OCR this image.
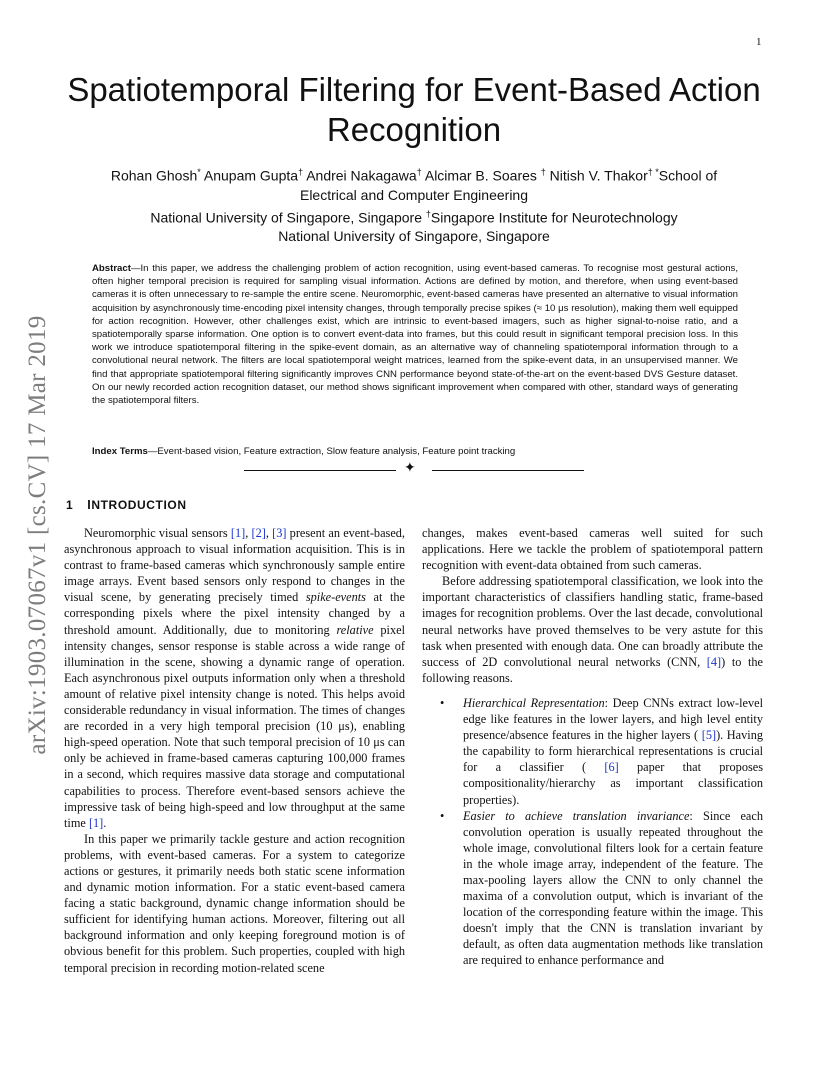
1
arXiv:1903.07067v1 [cs.CV] 17 Mar 2019
Spatiotemporal Filtering for Event-Based Action Recognition
Rohan Ghosh* Anupam Gupta† Andrei Nakagawa† Alcimar B. Soares † Nitish V. Thakor† *School of
Electrical and Computer Engineering
National University of Singapore, Singapore †Singapore Institute for Neurotechnology
National University of Singapore, Singapore
Abstract—In this paper, we address the challenging problem of action recognition, using event-based cameras. To recognise most gestural actions, often higher temporal precision is required for sampling visual information. Actions are defined by motion, and therefore, when using event-based cameras it is often unnecessary to re-sample the entire scene. Neuromorphic, event-based cameras have presented an alternative to visual information acquisition by asynchronously time-encoding pixel intensity changes, through temporally precise spikes (≈ 10 μs resolution), making them well equipped for action recognition. However, other challenges exist, which are intrinsic to event-based imagers, such as higher signal-to-noise ratio, and a spatiotemporally sparse information. One option is to convert event-data into frames, but this could result in significant temporal precision loss. In this work we introduce spatiotemporal filtering in the spike-event domain, as an alternative way of channeling spatiotemporal information through to a convolutional neural network. The filters are local spatiotemporal weight matrices, learned from the spike-event data, in an unsupervised manner. We find that appropriate spatiotemporal filtering significantly improves CNN performance beyond state-of-the-art on the event-based DVS Gesture dataset. On our newly recorded action recognition dataset, our method shows significant improvement when compared with other, standard ways of generating the spatiotemporal filters.
Index Terms—Event-based vision, Feature extraction, Slow feature analysis, Feature point tracking
✦
1 INTRODUCTION

Neuromorphic visual sensors [1], [2], [3] present an event-based, asynchronous approach to visual information acquisition. This is in contrast to frame-based cameras which synchronously sample entire image arrays. Event based sensors only respond to changes in the visual scene, by generating precisely timed spike-events at the corresponding pixels where the pixel intensity changed by a threshold amount. Additionally, due to monitoring relative pixel intensity changes, sensor response is stable across a wide range of illumination in the scene, showing a dynamic range of operation. Each asynchronous pixel outputs information only when a threshold amount of relative pixel intensity change is noted. This helps avoid considerable redundancy in visual information. The times of changes are recorded in a very high temporal precision (10 μs), enabling high-speed operation. Note that such temporal precision of 10 μs can only be achieved in frame-based cameras capturing 100,000 frames in a second, which requires massive data storage and computational capabilities to process. Therefore event-based sensors achieve the impressive task of being high-speed and low throughput at the same time [1].

In this paper we primarily tackle gesture and action recognition problems, with event-based cameras. For a system to categorize actions or gestures, it primarily needs both static scene information and dynamic motion information. For a static event-based camera facing a static background, dynamic change information should be sufficient for identifying human actions. Moreover, filtering out all background information and only keeping foreground motion is of obvious benefit for this problem. Such properties, coupled with high temporal precision in recording motion-related scene

changes, makes event-based cameras well suited for such applications. Here we tackle the problem of spatiotemporal pattern recognition with event-data obtained from such cameras.

Before addressing spatiotemporal classification, we look into the important characteristics of classifiers handling static, frame-based images for recognition problems. Over the last decade, convolutional neural networks have proved themselves to be very astute for this task when presented with enough data. One can broadly attribute the success of 2D convolutional neural networks (CNN, [4]) to the following reasons.

• Hierarchical Representation: Deep CNNs extract low-level edge like features in the lower layers, and high level entity presence/absence features in the higher layers ( [5]). Having the capability to form hierarchical representations is crucial for a classifier ( [6] paper that proposes compositionality/hierarchy as important classification properties).
• Easier to achieve translation invariance: Since each convolution operation is usually repeated throughout the whole image, convolutional filters look for a certain feature in the whole image array, independent of the feature. The max-pooling layers allow the CNN to only channel the maxima of a convolution output, which is invariant of the location of the corresponding feature within the image. This doesn't imply that the CNN is translation invariant by default, as often data augmentation methods like translation are required to enhance performance and
